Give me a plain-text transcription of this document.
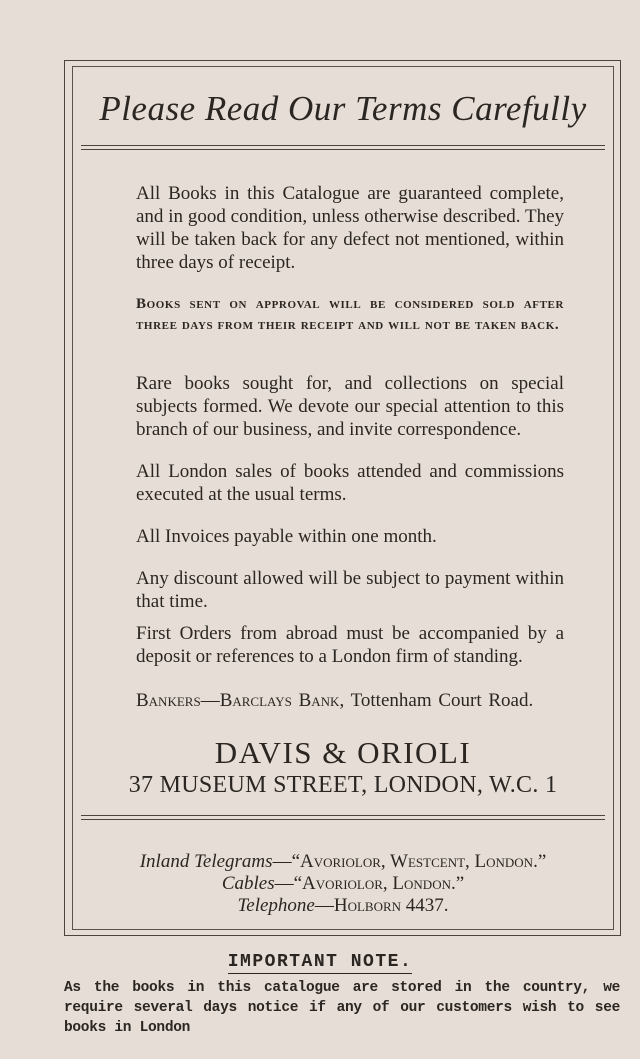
Please Read Our Terms Carefully
All Books in this Catalogue are guaranteed complete, and in good condition, unless otherwise described. They will be taken back for any defect not mentioned, within three days of receipt.
Books sent on approval will be considered sold after three days from their receipt and will not be taken back.
Rare books sought for, and collections on special subjects formed. We devote our special attention to this branch of our business, and invite correspondence.
All London sales of books attended and commissions executed at the usual terms.
All Invoices payable within one month.
Any discount allowed will be subject to payment within that time.
First Orders from abroad must be accompanied by a deposit or references to a London firm of standing.
Bankers—Barclays Bank, Tottenham Court Road.
DAVIS & ORIOLI
37 MUSEUM STREET, LONDON, W.C. 1
Inland Telegrams—“Avoriolor, Westcent, London.”
Cables—“Avoriolor, London.”
Telephone—Holborn 4437.
IMPORTANT NOTE.
As the books in this catalogue are stored in the country, we require several days notice if any of our customers wish to see books in London
